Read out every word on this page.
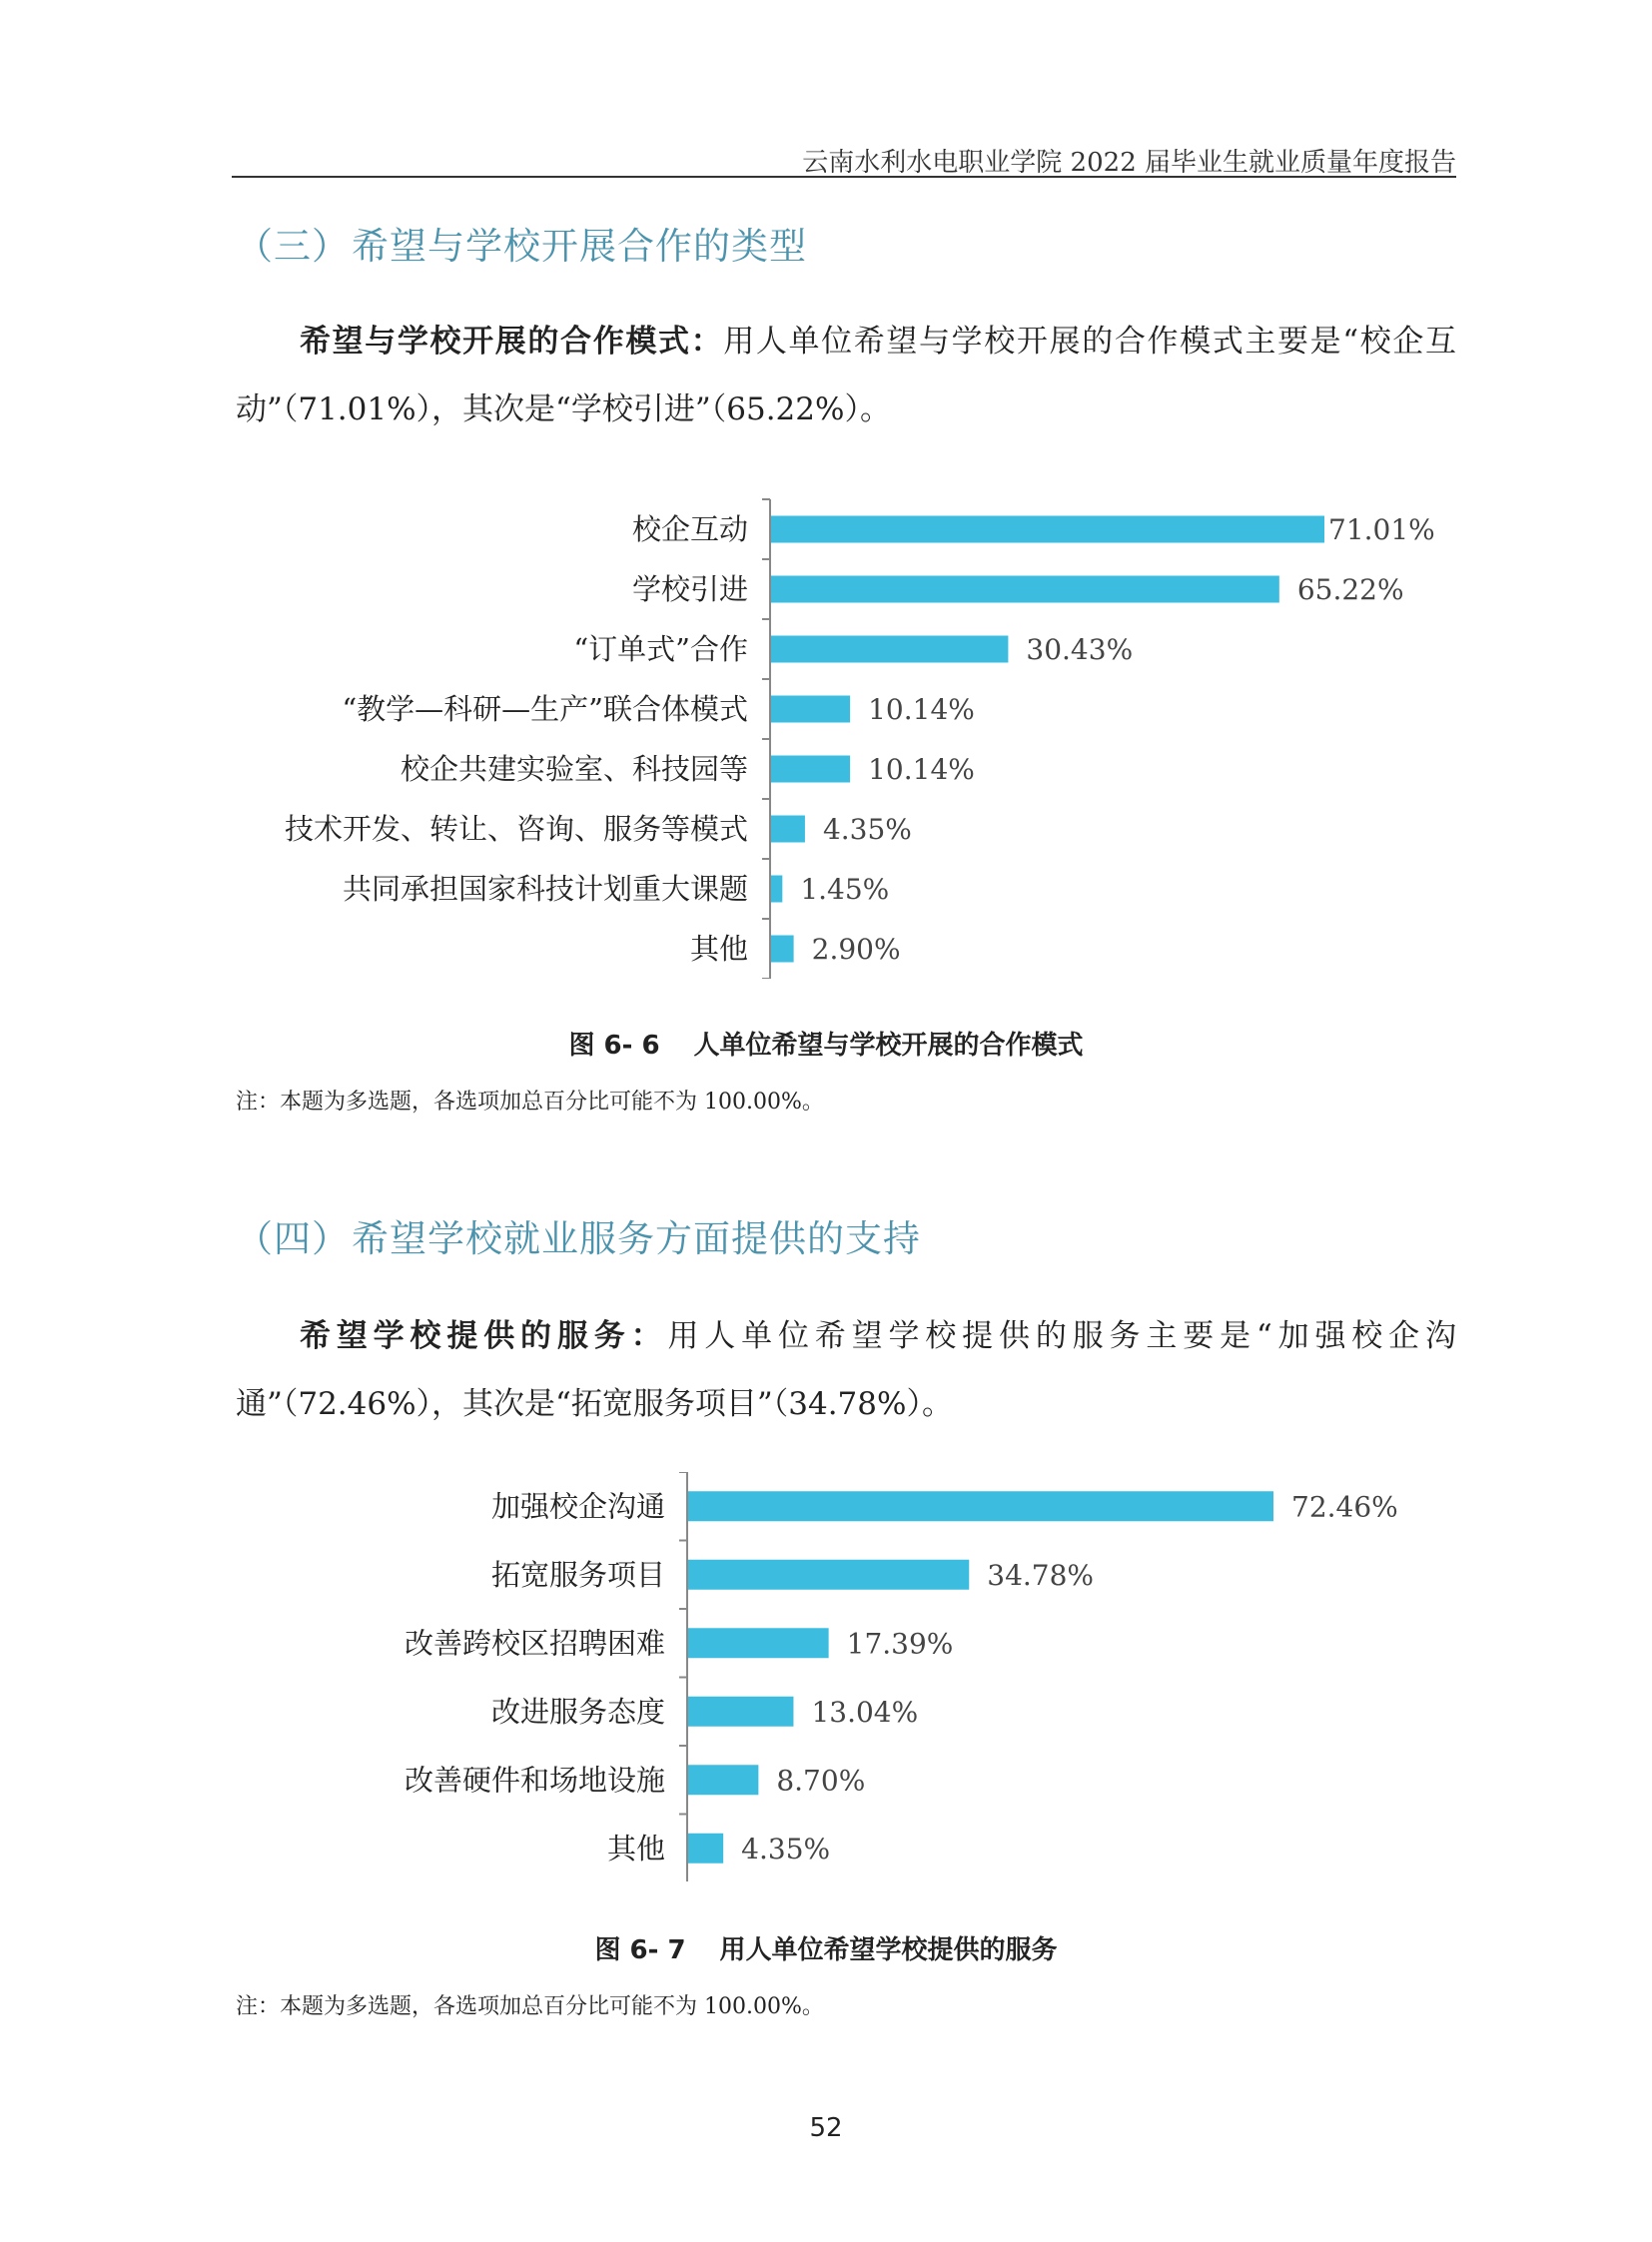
云南水利水电职业学院 2022 届毕业生就业质量年度报告
（三）希望与学校开展合作的类型
希望与学校开展的合作模式：用人单位希望与学校开展的合作模式主要是“校企互动”（71.01%），其次是“学校引进”（65.22%）。
校企互动	71.01%
学校引进	65.22%
“订单式”合作	30.43%
“教学—科研—生产”联合体模式	10.14%
校企共建实验室、科技园等	10.14%
技术开发、转让、咨询、服务等模式	4.35%
共同承担国家科技计划重大课题 1.45%
其他 2.90%
图 6- 6 人单位希望与学校开展的合作模式
注：本题为多选题，各选项加总百分比可能不为 100.00%。
（四）希望学校就业服务方面提供的支持
希望学校提供的服务：用人单位希望学校提供的服务主要是“加强校企沟通”（72.46%），其次是“拓宽服务项目”（34.78%）。
加强校企沟通	72.46%
拓宽服务项目	34.78%
改善跨校区招聘困难	17.39%
改进服务态度	13.04%
改善硬件和场地设施	8.70%
其他	4.35%
图 6- 7 用人单位希望学校提供的服务
注：本题为多选题，各选项加总百分比可能不为 100.00%。
52
